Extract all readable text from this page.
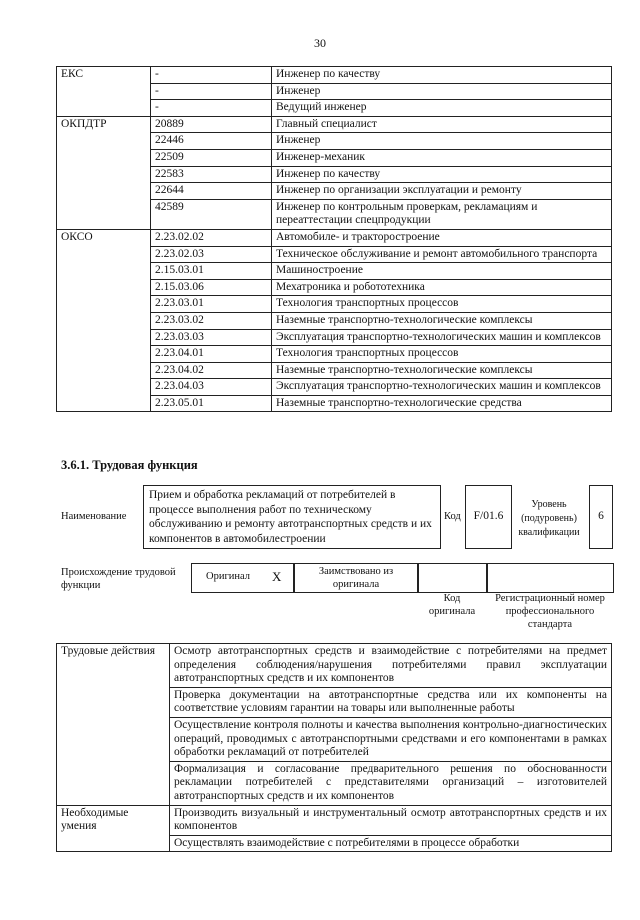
30
ЕКС	-	Инженер по качеству
	-	Инженер
	-	Ведущий инженер
ОКПДТР	20889	Главный специалист
	22446	Инженер
	22509	Инженер-механик
	22583	Инженер по качеству
	22644	Инженер по организации эксплуатации и ремонту
	42589	Инженер по контрольным проверкам, рекламациям и переаттестации спецпродукции
ОКСО	2.23.02.02	Автомобиле- и тракторостроение
	2.23.02.03	Техническое обслуживание и ремонт автомобильного транспорта
	2.15.03.01	Машиностроение
	2.15.03.06	Мехатроника и робототехника
	2.23.03.01	Технология транспортных процессов
	2.23.03.02	Наземные транспортно-технологические комплексы
	2.23.03.03	Эксплуатация транспортно-технологических машин и комплексов
	2.23.04.01	Технология транспортных процессов
	2.23.04.02	Наземные транспортно-технологические комплексы
	2.23.04.03	Эксплуатация транспортно-технологических машин и комплексов
	2.23.05.01	Наземные транспортно-технологические средства
3.6.1. Трудовая функция
Наименование
Прием и обработка рекламаций от потребителей в процессе выполнения работ по техническому обслуживанию и ремонту автотранспортных средств и их компонентов в автомобилестроении
Код	F/01.6
Уровень (подуровень) квалификации
6
Происхождение трудовой функции
Оригинал X	Заимствовано из оригинала
Код оригинала
Регистрационный номер профессионального стандарта
Трудовые действия	Осмотр автотранспортных средств и взаимодействие с потребителями на предмет определения соблюдения/нарушения потребителями правил эксплуатации автотранспортных средств и их компонентов
	Проверка документации на автотранспортные средства или их компоненты на соответствие условиям гарантии на товары или выполненные работы
	Осуществление контроля полноты и качества выполнения контрольно-диагностических операций, проводимых с автотранспортными средствами и его компонентами в рамках обработки рекламаций от потребителей
	Формализация и согласование предварительного решения по обоснованности рекламации потребителей с представителями организаций – изготовителей автотранспортных средств и их компонентов
Необходимые умения	Производить визуальный и инструментальный осмотр автотранспортных средств и их компонентов
	Осуществлять взаимодействие с потребителями в процессе обработки
